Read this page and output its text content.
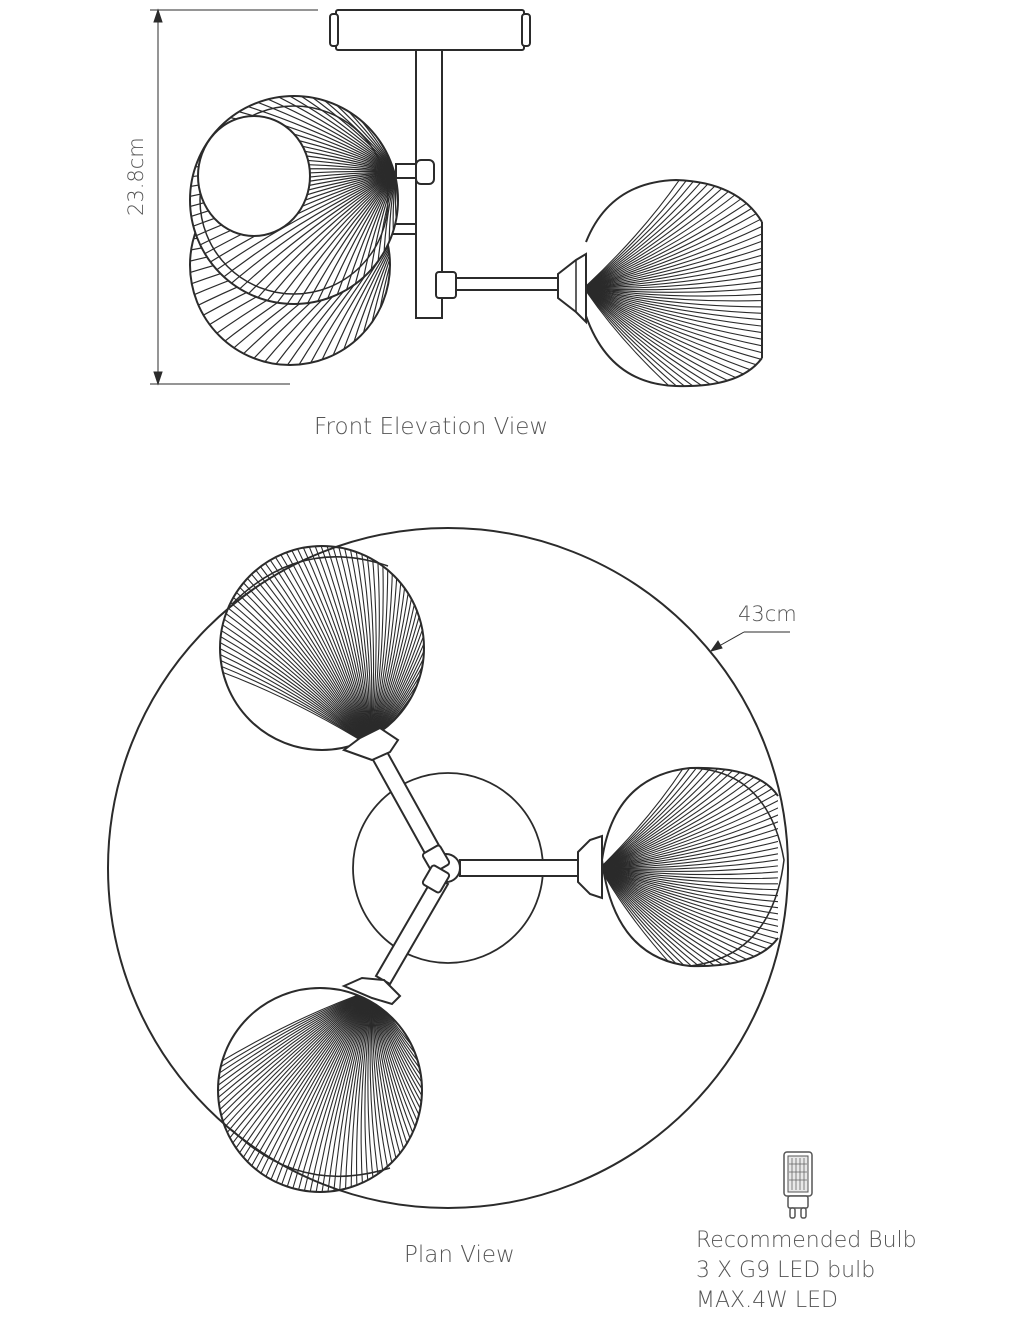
Front Elevation View
Plan View
23.8cm
43cm
Recommended Bulb
3 X G9 LED bulb
MAX.4W LED
